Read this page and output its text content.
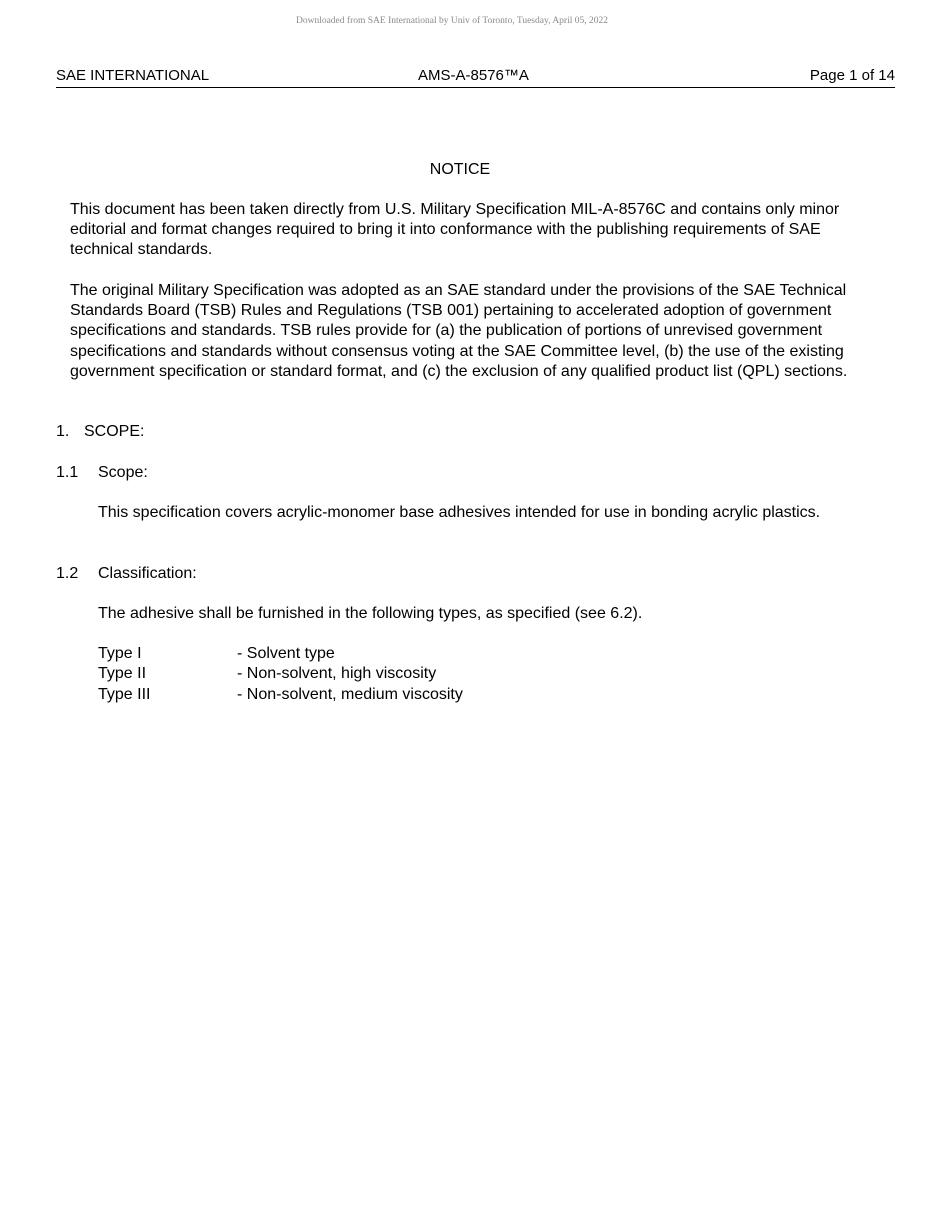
Downloaded from SAE International by Univ of Toronto, Tuesday, April 05, 2022
SAE INTERNATIONAL	AMS-A-8576™A	Page 1 of 14
NOTICE
This document has been taken directly from U.S. Military Specification MIL-A-8576C and contains only minor editorial and format changes required to bring it into conformance with the publishing requirements of SAE technical standards.
The original Military Specification was adopted as an SAE standard under the provisions of the SAE Technical Standards Board (TSB) Rules and Regulations (TSB 001) pertaining to accelerated adoption of government specifications and standards. TSB rules provide for (a) the publication of portions of unrevised government specifications and standards without consensus voting at the SAE Committee level, (b) the use of the existing government specification or standard format, and (c) the exclusion of any qualified product list (QPL) sections.
1. SCOPE:
1.1 Scope:
This specification covers acrylic-monomer base adhesives intended for use in bonding acrylic plastics.
1.2 Classification:
The adhesive shall be furnished in the following types, as specified (see 6.2).
Type I	- Solvent type
Type II	- Non-solvent, high viscosity
Type III	- Non-solvent, medium viscosity
